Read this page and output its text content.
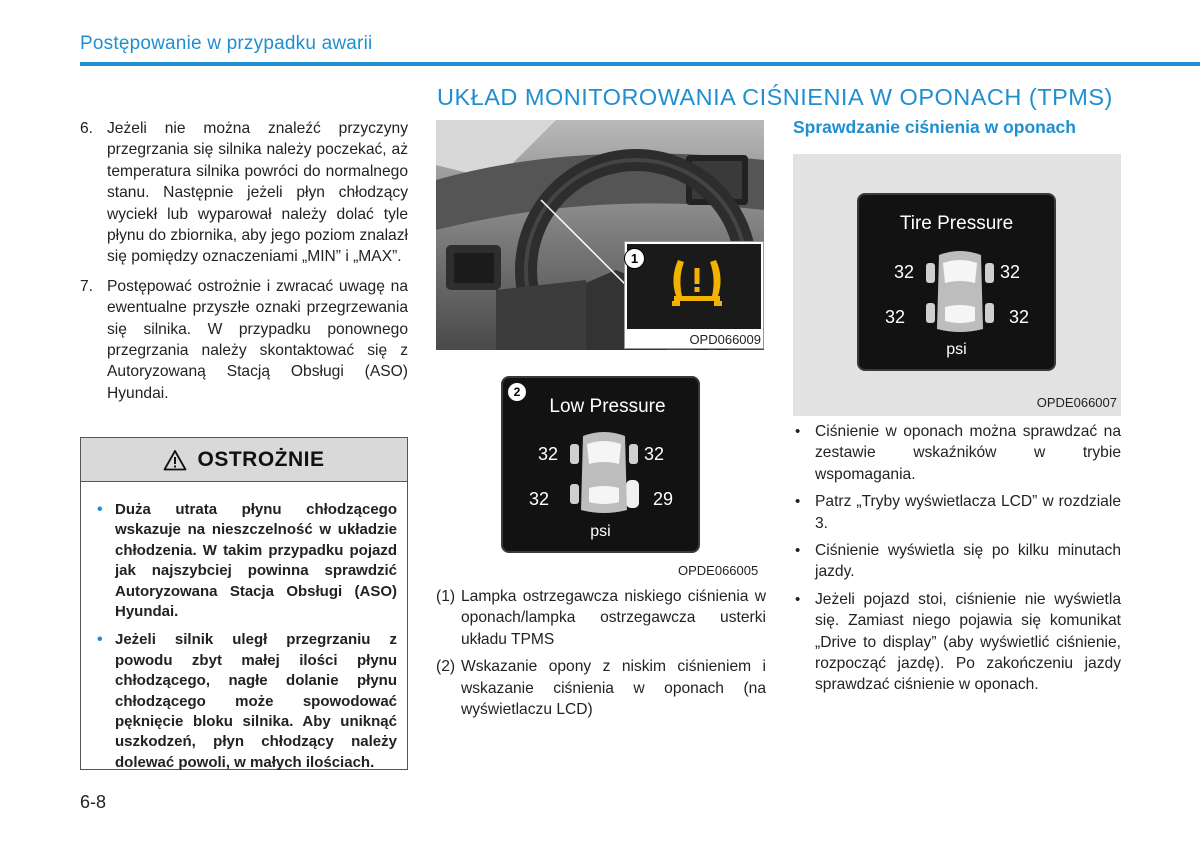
Postępowanie w przypadku awarii
UKŁAD MONITOROWANIA CIŚNIENIA W OPONACH (TPMS)
6. Jeżeli nie można znaleźć przyczyny przegrzania się silnika należy poczekać, aż temperatura silnika powróci do normalnego stanu. Następnie jeżeli płyn chłodzący wyciekł lub wyparował należy dolać tyle płynu do zbiornika, aby jego poziom znalazł się pomiędzy oznaczeniami „MIN” i „MAX”.
7. Postępować ostrożnie i zwracać uwagę na ewentualne przyszłe oznaki przegrzewania się silnika. W przypadku ponownego przegrzania należy skontaktować się z Autoryzowaną Stacją Obsługi (ASO) Hyundai.
OSTROŻNIE
• Duża utrata płynu chłodzącego wskazuje na nieszczelność w układzie chłodzenia. W takim przypadku pojazd jak najszybciej powinna sprawdzić Autoryzowana Stacja Obsługi (ASO) Hyundai.
• Jeżeli silnik uległ przegrzaniu z powodu zbyt małej ilości płynu chłodzącego, nagłe dolanie płynu chłodzącego może spowodować pęknięcie bloku silnika. Aby uniknąć uszkodzeń, płyn chłodzący należy dolewać powoli, w małych ilościach.
OPD066009
1
2
Low Pressure
32	32
32	29
psi
OPDE066005
(1) Lampka ostrzegawcza niskiego ciśnienia w oponach/lampka ostrzegawcza usterki układu TPMS
(2) Wskazanie opony z niskim ciśnieniem i wskazanie ciśnienia w oponach (na wyświetlaczu LCD)
Sprawdzanie ciśnienia w oponach
Tire Pressure
32	32
32	32
psi
OPDE066007
• Ciśnienie w oponach można sprawdzać na zestawie wskaźników w trybie wspomagania.
• Patrz „Tryby wyświetlacza LCD” w rozdziale 3.
• Ciśnienie wyświetla się po kilku minutach jazdy.
• Jeżeli pojazd stoi, ciśnienie nie wyświetla się. Zamiast niego pojawia się komunikat „Drive to display” (aby wyświetlić ciśnienie, rozpocząć jazdę). Po zakończeniu jazdy sprawdzać ciśnienie w oponach.
6-8
